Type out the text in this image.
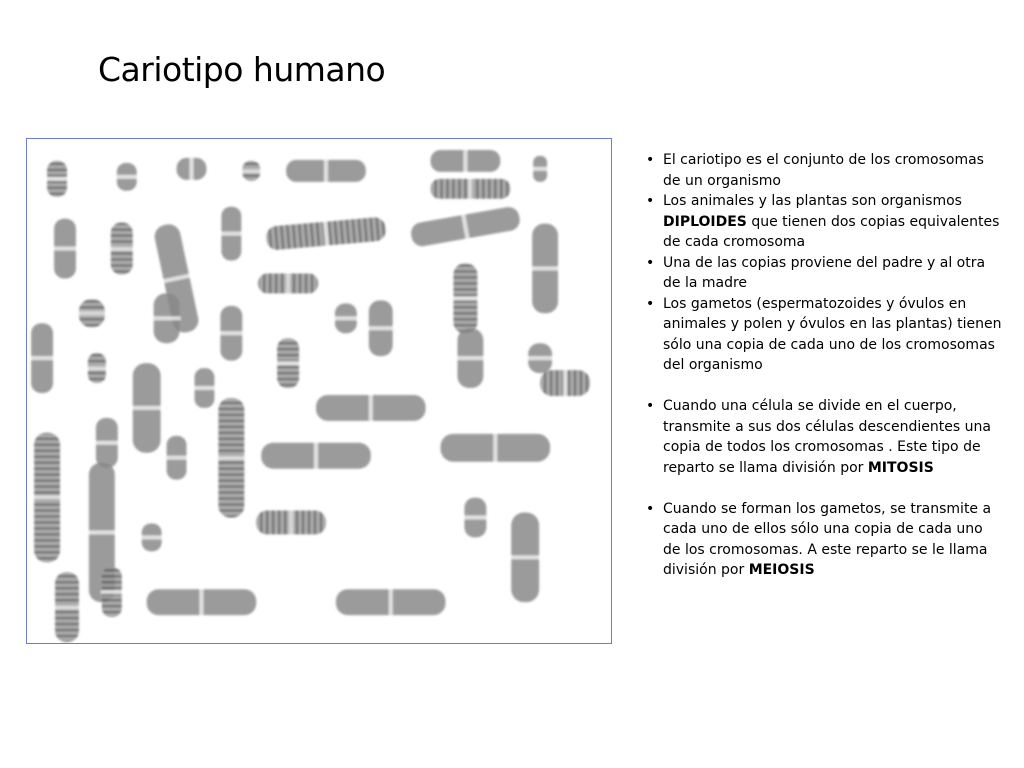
Cariotipo humano
• El cariotipo es el conjunto de los cromosomas de un organismo
• Los animales y las plantas son organismos DIPLOIDES que tienen dos copias equivalentes de cada cromosoma
• Una de las copias proviene del padre y al otra de la madre
• Los gametos (espermatozoides y óvulos en animales y polen y óvulos en las plantas) tienen sólo una copia de cada uno de los cromosomas del organismo
• Cuando una célula se divide en el cuerpo, transmite a sus dos células descendientes una copia de todos los cromosomas . Este tipo de reparto se llama división por MITOSIS
• Cuando se forman los gametos, se transmite a cada uno de ellos sólo una copia de cada uno de los cromosomas. A este reparto se le llama división por MEIOSIS
